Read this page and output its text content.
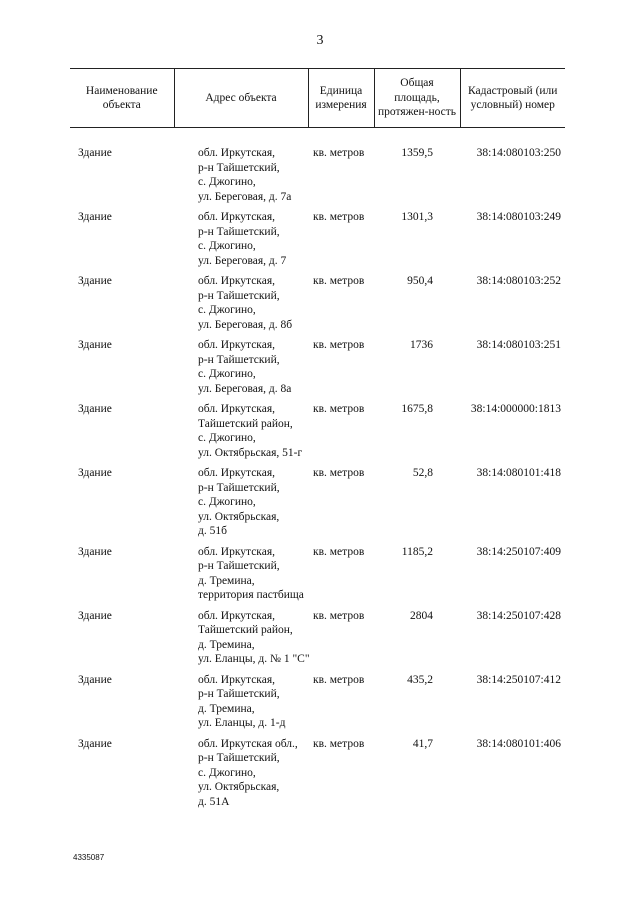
3
Наименование объекта	Адрес объекта	Единица измерения	Общая площадь, протяжен-ность	Кадастровый (или условный) номер
Здание	обл. Иркутская,
р-н Тайшетский,
с. Джогино,
ул. Береговая, д. 7а	кв. метров	1359,5	38:14:080103:250
Здание	обл. Иркутская,
р-н Тайшетский,
с. Джогино,
ул. Береговая, д. 7	кв. метров	1301,3	38:14:080103:249
Здание	обл. Иркутская,
р-н Тайшетский,
с. Джогино,
ул. Береговая, д. 8б	кв. метров	950,4	38:14:080103:252
Здание	обл. Иркутская,
р-н Тайшетский,
с. Джогино,
ул. Береговая, д. 8а	кв. метров	1736	38:14:080103:251
Здание	обл. Иркутская,
Тайшетский район,
с. Джогино,
ул. Октябрьская, 51-г	кв. метров	1675,8	38:14:000000:1813
Здание	обл. Иркутская,
р-н Тайшетский,
с. Джогино,
ул. Октябрьская,
д. 51б	кв. метров	52,8	38:14:080101:418
Здание	обл. Иркутская,
р-н Тайшетский,
д. Тремина,
территория пастбища	кв. метров	1185,2	38:14:250107:409
Здание	обл. Иркутская,
Тайшетский район,
д. Тремина,
ул. Еланцы, д. № 1 "С"	кв. метров	2804	38:14:250107:428
Здание	обл. Иркутская,
р-н Тайшетский,
д. Тремина,
ул. Еланцы, д. 1-д	кв. метров	435,2	38:14:250107:412
Здание	обл. Иркутская обл.,
р-н Тайшетский,
с. Джогино,
ул. Октябрьская,
д. 51А	кв. метров	41,7	38:14:080101:406
4335087
